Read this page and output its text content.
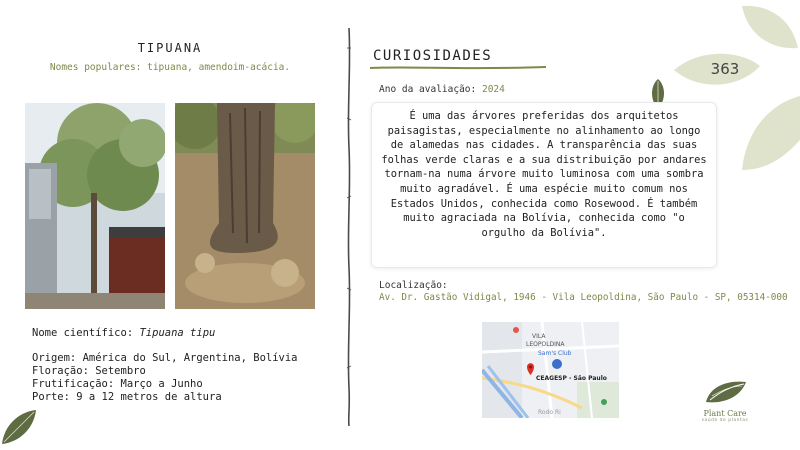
363
TIPUANA
Nomes populares: tipuana, amendoim-acácia.
Nome científico: Tipuana tipu
Origem: América do Sul, Argentina, Bolívia
Floração: Setembro
Frutificação: Março a Junho
Porte: 9 a 12 metros de altura
CURIOSIDADES
Ano da avaliação: 2024

É uma das árvores preferidas dos arquitetos paisagistas, especialmente no alinhamento ao longo de alamedas nas cidades. A transparência das suas folhas verde claras e a sua distribuição por andares tornam-na numa árvore muito luminosa com uma sombra muito agradável. É uma espécie muito comum nos Estados Unidos, conhecida como Rosewood. É também muito agraciada na Bolívia, conhecida como "o orgulho da Bolívia".

Localização:
Av. Dr. Gastão Vidigal, 1946 - Vila Leopoldina, São Paulo - SP, 05314-000
VILA
LEOPOLDINA
Sam's Club
CEAGESP - São Paulo
Rodo Ri	Plant Care
saúde de plantas
